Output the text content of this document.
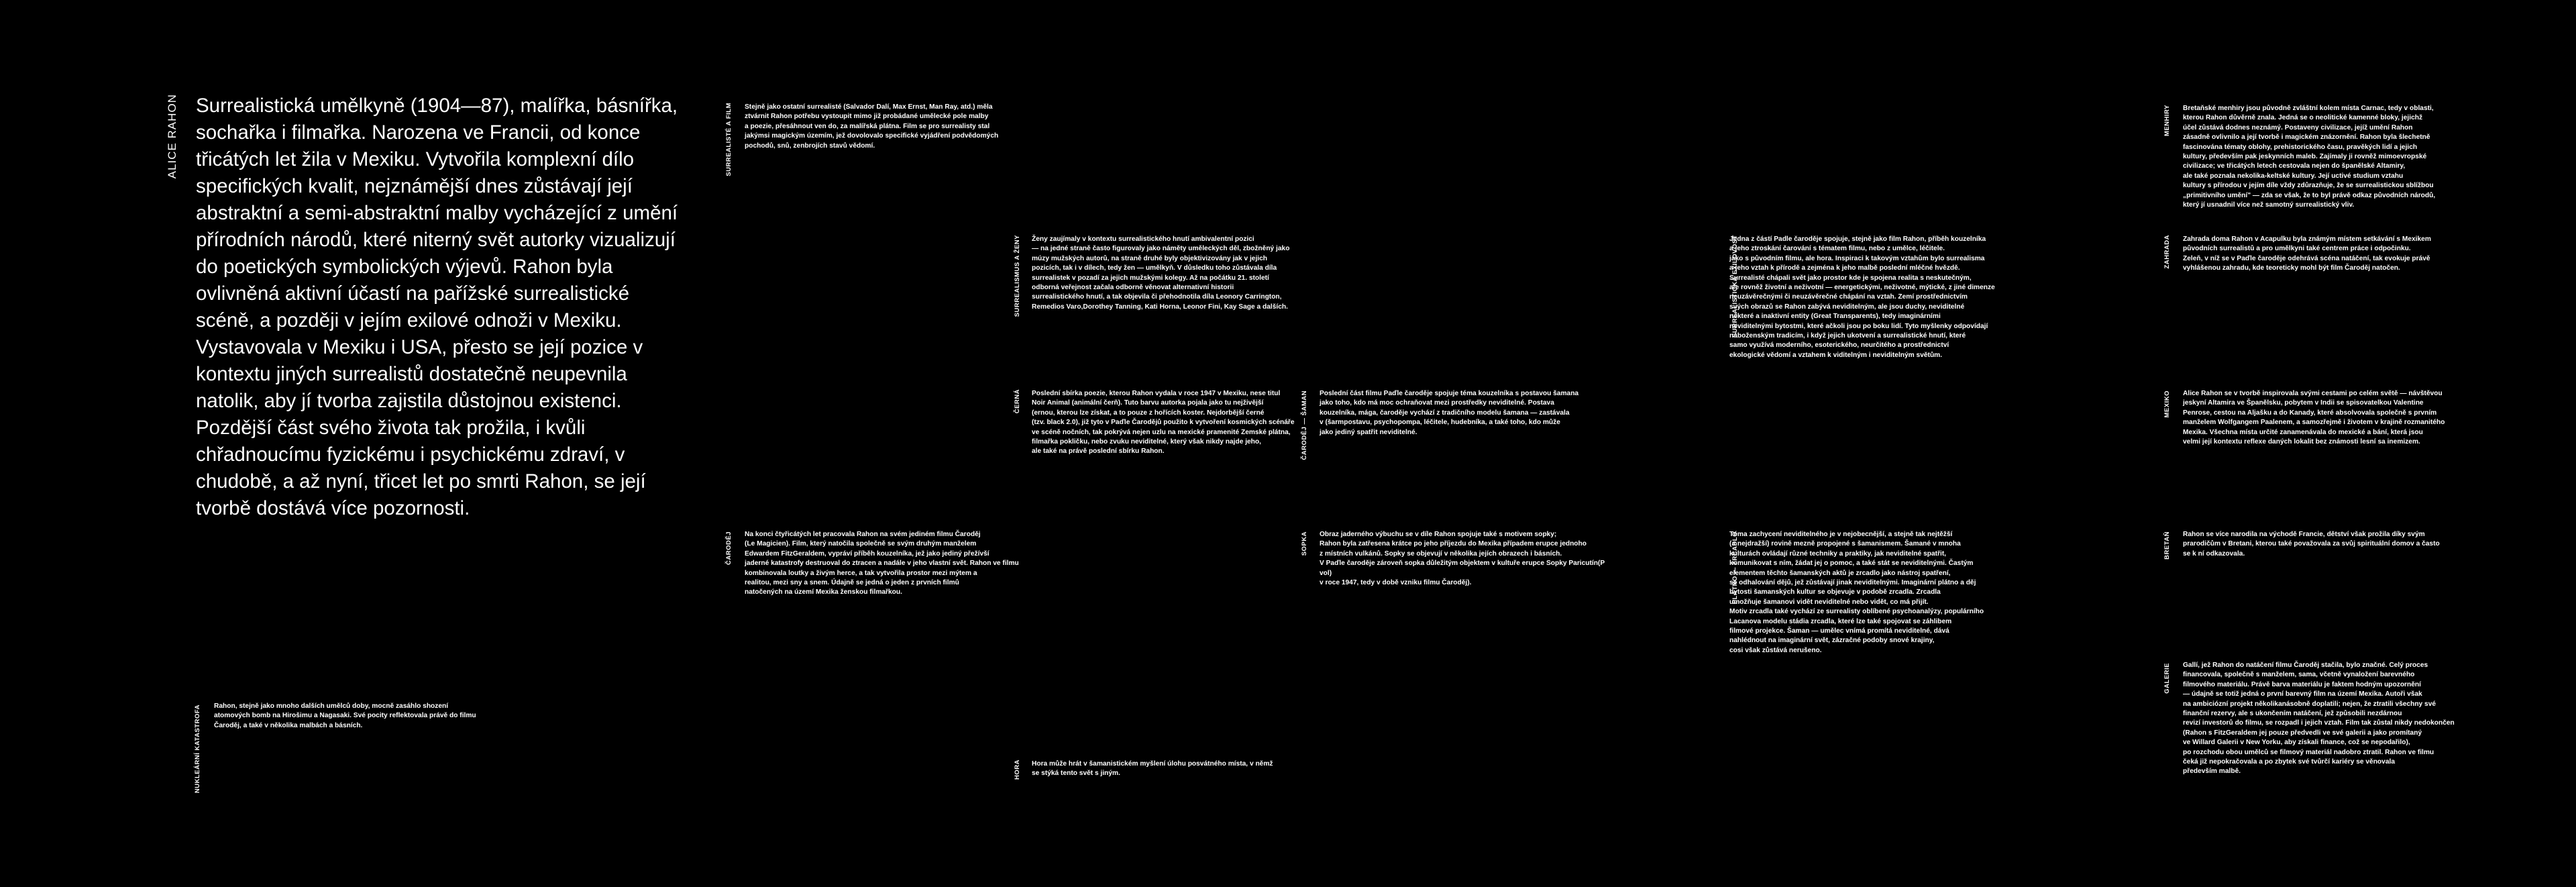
ALICE RAHON Surrealistická umělkyně (1904—87), malířka, básnířka, sochařka i filmařka. Narozena ve Francii, od konce třicátých let žila v Mexiku. Vytvořila komplexní dílo specifických kvalit, nejznámější dnes zůstávají její abstraktní a semi-abstraktní malby vycházející z umění přírodních národů, které niterný svět autorky vizualizují do poetických symbolických výjevů. Rahon byla ovlivněná aktivní účastí na pařížské surrealistické scéně, a později v jejím exilové odnoži v Mexiku. Vystavovala v Mexiku i USA, přesto se její pozice v kontextu jiných surrealistů dostatečně neupevnila natolik, aby jí tvorba zajistila důstojnou existenci. Pozdější část svého života tak prožila, i kvůli chřadnoucímu fyzickému i psychickému zdraví, v chudobě, a až nyní, třicet let po smrti Rahon, se její tvorbě dostává více pozornosti.

NUKLEÁRNÍ KATASTROFA Rahon, stejně jako mnoho dalších umělců doby, mocně zasáhlo shození
atomových bomb na Hirošimu a Nagasaki. Své pocity reflektovala právě do filmu
Čaroděj, a také v několika malbách a básních.

SURREALISTÉ A FILM Stejně jako ostatní surrealisté (Salvador Dalí, Max Ernst, Man Ray, atd.) měla
ztvárnit Rahon potřebu vystoupit mimo již probádané umělecké pole malby
a poezie, přesáhnout ven do, za malířská plátna. Film se pro surrealisty stal
jakýmsi magickým územím, jež dovolovalo specifické vyjádření podvědomých
pochodů, snů, zenbrojích stavů vědomí.

ČARODĚJ Na konci čtyřicátých let pracovala Rahon na svém jediném filmu Čaroděj
(Le Magicien). Film, který natočila společně se svým druhým manželem
Edwardem FitzGeraldem, vypráví příběh kouzelníka, jež jako jediný přežívší
jaderné katastrofy destruoval do ztracen a nadále v jeho vlastní svět. Rahon ve filmu
kombinovala loutky a živým herce, a tak vytvořila prostor mezi mýtem a
realitou, mezi sny a snem. Údajně se jedná o jeden z prvních filmů
natočených na území Mexika ženskou filmařkou.

SURREALISMUS A ŽENY Ženy zaujímaly v kontextu surrealistického hnutí ambivalentní pozici
— na jedné straně často figurovaly jako náměty uměleckých děl, zbožněný jako
múzy mužských autorů, na straně druhé byly objektivizovány jak v jejich
pozicích, tak i v dílech, tedy žen — umělkyň. V důsledku toho zůstávala díla
surrealistek v pozadí za jejich mužskými kolegy. Až na počátku 21. století
odborná veřejnost začala odborně věnovat alternativní historii
surrealistického hnutí, a tak objevila či přehodnotila díla Leonory Carrington,
Remedios Varo,Dorothey Tanning, Kati Horna, Leonor Fini, Kay Sage a dalších.

ČERNÁ Poslední sbírka poezie, kterou Rahon vydala v roce 1947 v Mexiku, nese titul
Noir Animal (animální čerň). Tuto barvu autorka pojala jako tu nejživější
(ernou, kterou lze získat, a to pouze z hořících koster. Nejdorbější černé
(tzv. black 2.0), již tyto v Paďle Čarodějů použito k vytvoření kosmických scénáře
ve scéně nočních, tak pokrývá nejen uzlu na mexické pramenité Zemské plátna,
filmařka pokličku, nebo zvuku neviditelné, který však nikdy najde jeho,
ale také na právě poslední sbírku Rahon.

HORA Hora může hrát v šamanistickém myšlení úlohu posvátného místa, v němž
se stýká tento svět s jiným.

ČARODĚJ — ŠAMAN Poslední část filmu Paďle čaroděje spojuje téma kouzelníka s postavou šamana
jako toho, kdo má moc ochraňovat mezi prostředky neviditelné. Postava
kouzelníka, mága, čaroděje vychází z tradičního modelu šamana — zastávala
v (šarmpostavu, psychopompa, léčitele, hudebníka, a také toho, kdo může
jako jediný spatřit neviditelné.

SOPKA Obraz jaderného výbuchu se v díle Rahon spojuje také s motivem sopky;
Rahon byla zatřesena krátce po jeho příjezdu do Mexika případem erupce jednoho
z místních vulkánů. Sopky se objevují v několika jejích obrazech i básních.
V Paďle čaroděje zároveň sopka důležitým objektem v kultuře erupce Sopky Paricutín(P vol)
v roce 1947, tedy v době vzniku filmu Čaroděj).

SURREALISTICKÁ EXILOVOST

Jedna z částí Padle čaroděje spojuje, stejně jako film Rahon, příběh kouzelníka
a jeho ztroskání čarování s tématem filmu, nebo z umělce, léčitele.
jako s původním filmu, ale hora. Inspiraci k takovým vztahům bylo surrealisma
a jeho vztah k přírodě a zejména k jeho malbě poslední mléčné hvězdě.
Surrealisté chápali svět jako prostor kde je spojena realita s neskutečným,
ale rovněž životní a neživotní — energetickými, neživotné, mýtické, z jiné dimenze
neuzávěrečnými či neuzávěrečné chápání na vztah. Zemí prostřednictvím
svých obrazů se Rahon zabývá neviditelným, ale jsou duchy, neviditelné
některé a inaktivní entity (Great Transparents), tedy imaginárními
neviditelnými bytostmi, které ačkoli jsou po boku lidí. Tyto myšlenky odpovídají
náboženským tradicím, i když jejich ukotvení a surrealistické hnutí, které
samo využívá moderního, esoterického, neurčitého a prostřednictví
ekologické vědomí a vztahem k viditelným i neviditelným světům.

PLÁTNO — ZRCADLO

Téma zachycení neviditelného je v nejobecnější, a stejně tak nejtěžší
(a nejdražší) rovině mezně propojené s šamanismem. Šamané v mnoha
kulturách ovládají různé techniky a praktiky, jak neviditelné spatřit,
komunikovat s ním, žádat jej o pomoc, a také stát se neviditelnými. Častým
elementem těchto šamanských aktů je zrcadlo jako nástroj spatření,
se odhalování dějů, jež zůstávají jinak neviditelnými. Imaginární plátno a děj
bytosti šamanských kultur se objevuje v podobě zrcadla. Zrcadla
umožňuje šamanovi vidět neviditelné nebo vidět, co má přijít.
Motiv zrcadla také vychází ze surrealisty oblíbené psychoanalýzy, populárního
Lacanova modelu stádia zrcadla, které lze také spojovat se záhlibem
filmové projekce. Šaman — umělec vnímá promítá neviditelné, dává
nahlédnout na imaginární svět, zázračné podoby snové krajiny,
cosi však zůstává nerušeno.

MENHIRY Bretaňské menhiry jsou původně zvláštní kolem místa Carnac, tedy v oblasti,
kterou Rahon důvěrně znala. Jedná se o neolitické kamenné bloky, jejichž
účel zůstává dodnes neznámý. Postaveny civilizace, jejíž umění Rahon
zásadně ovlivnilo a její tvorbě i magickém znázornění. Rahon byla šlechetně
fascinována tématy oblohy, prehistorického času, pravěkých lidí a jejich
kultury, především pak jeskynních maleb. Zajímaly ji rovněž mimoevropské
civilizace; ve třicátých letech cestovala nejen do španělské Altamiry,
ale také poznala nekolika-keltské kultury. Její uctivé studium vztahu
kultury s přírodou v jejím díle vždy zdůrazňuje, že se surrealistickou sblížbou
„primitivního umění" — zda se však, že to byl právě odkaz původních národů,
který jí usnadnil více než samotný surrealistický vliv.

ZAHRADA Zahrada doma Rahon v Acapulku byla známým místem setkávání s Mexikem
původních surrealistů a pro umělkyni také centrem práce i odpočinku.
Zeleň, v níž se v Paďle čaroděje odehrává scéna natáčení, tak evokuje právě
vyhlášenou zahradu, kde teoreticky mohl být film Čaroděj natočen.

MEXIKO Alice Rahon se v tvorbě inspirovala svými cestami po celém světě — návštěvou
jeskyní Altamira ve Španělsku, pobytem v Indii se spisovatelkou Valentine
Penrose, cestou na Aljašku a do Kanady, které absolvovala společně s prvním
manželem Wolfgangem Paalenem, a samozřejmě i životem v krajině rozmanitého
Mexika. Všechna místa určité zanamenávala do mexické a bání, která jsou
velmi její kontextu reflexe daných lokalit bez známosti lesní sa inemizem.

BRETAŇ Rahon se více narodila na východě Francie, dětství však prožila díky svým
prarodičům v Bretani, kterou také považovala za svůj spirituální domov a často
se k ní odkazovala.

GALERIE Gallí, jež Rahon do natáčení filmu Čaroděj stačila, bylo značné. Celý proces
financovala, společně s manželem, sama, včetně vynaložení barevného
filmového materiálu. Právě barva materiálu je faktem hodným upozornění
— údajně se totiž jedná o první barevný film na území Mexika. Autoři však
na ambiciózní projekt několikanásobně doplatili; nejen, že ztratili všechny své
finanční rezervy, ale s ukončením natáčení, jež způsobili nezdárnou
revizí investorů do filmu, se rozpadl i jejich vztah. Film tak zůstal nikdy nedokončen
(Rahon s FitzGeraldem jej pouze předvedli ve své galerii a jako promítaný
ve Willard Galerii v New Yorku, aby získali finance, což se nepodařilo),
po rozchodu obou umělců se filmový materiál nadobro ztratil. Rahon ve filmu
čeká již nepokračovala a po zbytek své tvůrčí kariéry se věnovala
především malbě.
